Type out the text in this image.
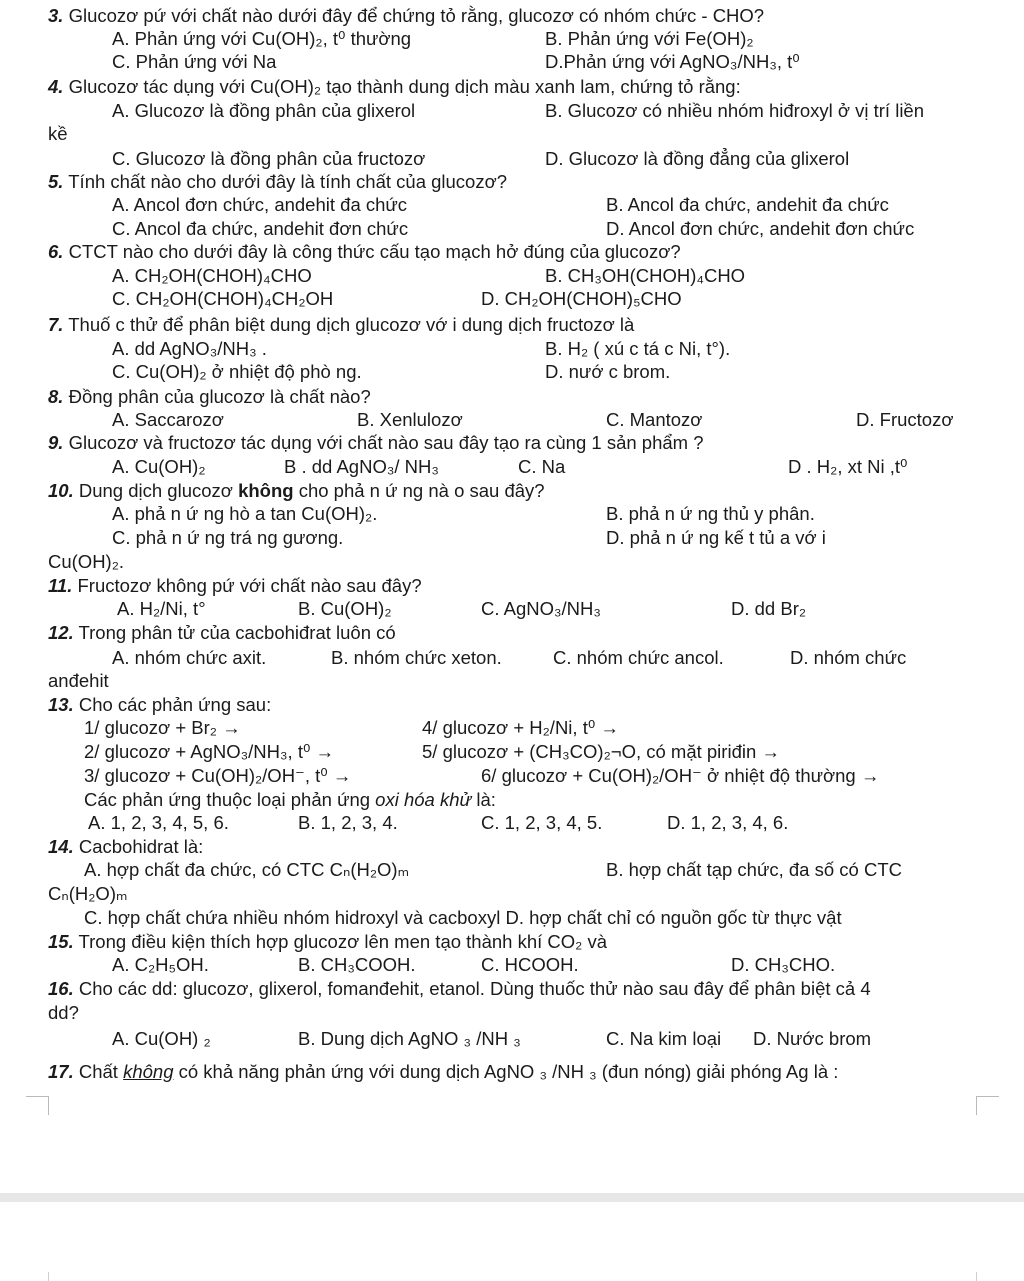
3. Glucozơ pứ với chất nào dưới đây để chứng tỏ rằng, glucozơ có nhóm chức - CHO?
A. Phản ứng với Cu(OH)₂, t⁰ thường	B. Phản ứng với Fe(OH)₂
C. Phản ứng với Na	D.Phản ứng với AgNO₃/NH₃, t⁰
4. Glucozơ tác dụng với Cu(OH)₂ tạo thành dung dịch màu xanh lam, chứng tỏ rằng:
A. Glucozơ là đồng phân của glixerol	B. Glucozơ có nhiều nhóm hiđroxyl ở vị trí liền
kề
C. Glucozơ là đồng phân của fructozơ	D. Glucozơ là đồng đẳng của glixerol
5. Tính chất nào cho dưới đây là tính chất của glucozơ?
A. Ancol đơn chức, andehit đa chức	B. Ancol đa chức, andehit đa chức
C. Ancol đa chức, andehit đơn chức	D. Ancol đơn chức, andehit đơn chức
6. CTCT nào cho dưới đây là công thức cấu tạo mạch hở đúng của glucozơ?
A. CH₂OH(CHOH)₄CHO	B. CH₃OH(CHOH)₄CHO
C. CH₂OH(CHOH)₄CH₂OH	D. CH₂OH(CHOH)₅CHO
7. Thuố c thử để phân biệt dung dịch glucozơ vớ i dung dịch fructozơ là
A. dd AgNO₃/NH₃ .	B. H₂ ( xú c tá c Ni, t°).
C. Cu(OH)₂ ở nhiệt độ phò ng.	D. nướ c brom.
8. Đồng phân của glucozơ là chất nào?
A. Saccarozơ	B. Xenlulozơ	C. Mantozơ	D. Fructozơ
9. Glucozơ và fructozơ tác dụng với chất nào sau đây tạo ra cùng 1 sản phẩm ?
A. Cu(OH)₂	B . dd AgNO₃/ NH₃	C. Na	D . H₂, xt Ni ,t⁰
10. Dung dịch glucozơ không cho phả n ứ ng nà o sau đây?
A. phả n ứ ng hò a tan Cu(OH)₂.	B. phả n ứ ng thủ y phân.
C. phả n ứ ng trá ng gương.	D. phả n ứ ng kế t tủ a vớ i
Cu(OH)₂.
11. Fructozơ không pứ với chất nào sau đây?
A. H₂/Ni, t°	B. Cu(OH)₂	C. AgNO₃/NH₃	D. dd Br₂
12. Trong phân tử của cacbohiđrat luôn có
A. nhóm chức axit.	B. nhóm chức xeton.	C. nhóm chức ancol.	D. nhóm chức
anđehit
13. Cho các phản ứng sau:
1/ glucozơ + Br₂ →	4/ glucozơ + H₂/Ni, t⁰ →
2/ glucozơ + AgNO₃/NH₃, t⁰ →	5/ glucozơ + (CH₃CO)₂¬O, có mặt piriđin →
3/ glucozơ + Cu(OH)₂/OH⁻, t⁰ →	6/ glucozơ + Cu(OH)₂/OH⁻ ở nhiệt độ thường →
Các phản ứng thuộc loại phản ứng oxi hóa khử là:
A. 1, 2, 3, 4, 5, 6.	B. 1, 2, 3, 4.	C. 1, 2, 3, 4, 5.	D. 1, 2, 3, 4, 6.
14. Cacbohidrat là:
A. hợp chất đa chức, có CTC Cₙ(H₂O)ₘ	B. hợp chất tạp chức, đa số có CTC
Cₙ(H₂O)ₘ
C. hợp chất chứa nhiều nhóm hidroxyl và cacboxyl D. hợp chất chỉ có nguồn gốc từ thực vật
15. Trong điều kiện thích hợp glucozơ lên men tạo thành khí CO₂ và
A. C₂H₅OH.	B. CH₃COOH.	C. HCOOH.	D. CH₃CHO.
16. Cho các dd: glucozơ, glixerol, fomanđehit, etanol. Dùng thuốc thử nào sau đây để phân biệt cả 4
dd?
A. Cu(OH) ₂	B. Dung dịch AgNO ₃ /NH ₃	C. Na kim loại D. Nước brom
17. Chất không có khả năng phản ứng với dung dịch AgNO ₃ /NH ₃ (đun nóng) giải phóng Ag là :
